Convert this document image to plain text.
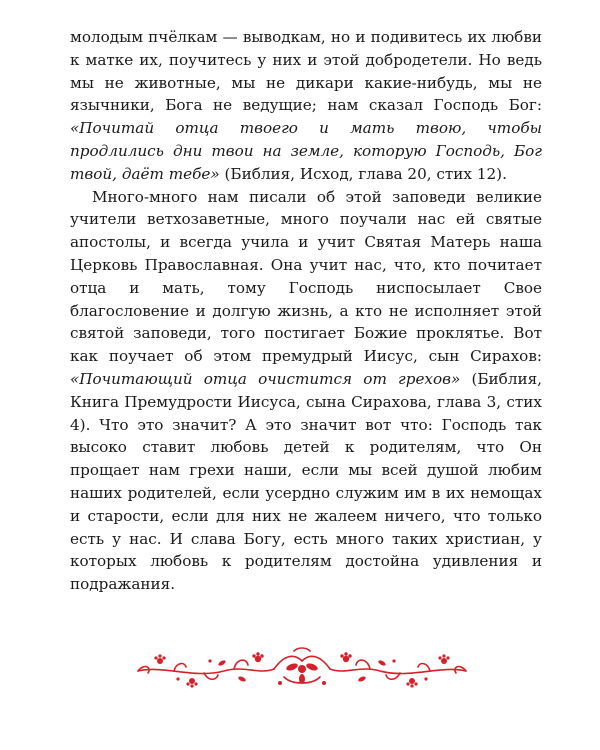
молодым пчёлкам — выводкам, но и подивитесь их любви к матке их, поучитесь у них и этой добродетели. Но ведь мы не животные, мы не дикари какие-нибудь, мы не язычники, Бога не ведущие; нам сказал Господь Бог: «Почитай отца твоего и мать твою, чтобы продлились дни твои на земле, которую Господь, Бог твой, даёт тебе» (Библия, Исход, глава 20, стих 12).

Много-много нам писали об этой заповеди великие учители ветхозаветные, много поучали нас ей святые апостолы, и всегда учила и учит Святая Матерь наша Церковь Православная. Она учит нас, что, кто почитает отца и мать, тому Господь ниспосылает Свое благословение и долгую жизнь, а кто не исполняет этой святой заповеди, того постигает Божие проклятье. Вот как поучает об этом премудрый Иисус, сын Сирахов: «Почитающий отца очистится от грехов» (Библия, Книга Премудрости Иисуса, сына Сирахова, глава 3, стих 4). Что это значит? А это значит вот что: Господь так высоко ставит любовь детей к родителям, что Он прощает нам грехи наши, если мы всей душой любим наших родителей, если усердно служим им в их немощах и старости, если для них не жалеем ничего, что только есть у нас. И слава Богу, есть много таких христиан, у которых любовь к родителям достойна удивления и подражания.
